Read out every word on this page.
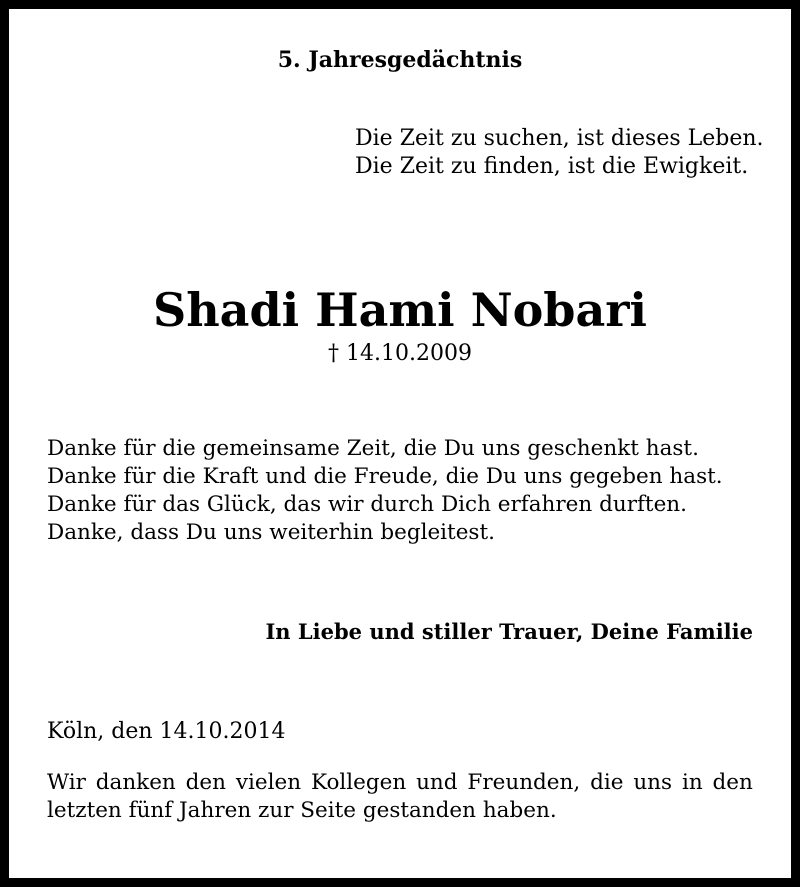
5. Jahresgedächtnis
Die Zeit zu suchen, ist dieses Leben.
Die Zeit zu finden, ist die Ewigkeit.
Shadi Hami Nobari
† 14.10.2009
Danke für die gemeinsame Zeit, die Du uns geschenkt hast.
Danke für die Kraft und die Freude, die Du uns gegeben hast.
Danke für das Glück, das wir durch Dich erfahren durften.
Danke, dass Du uns weiterhin begleitest.
In Liebe und stiller Trauer, Deine Familie
Köln, den 14.10.2014
Wir danken den vielen Kollegen und Freunden, die uns in den
letzten fünf Jahren zur Seite gestanden haben.
